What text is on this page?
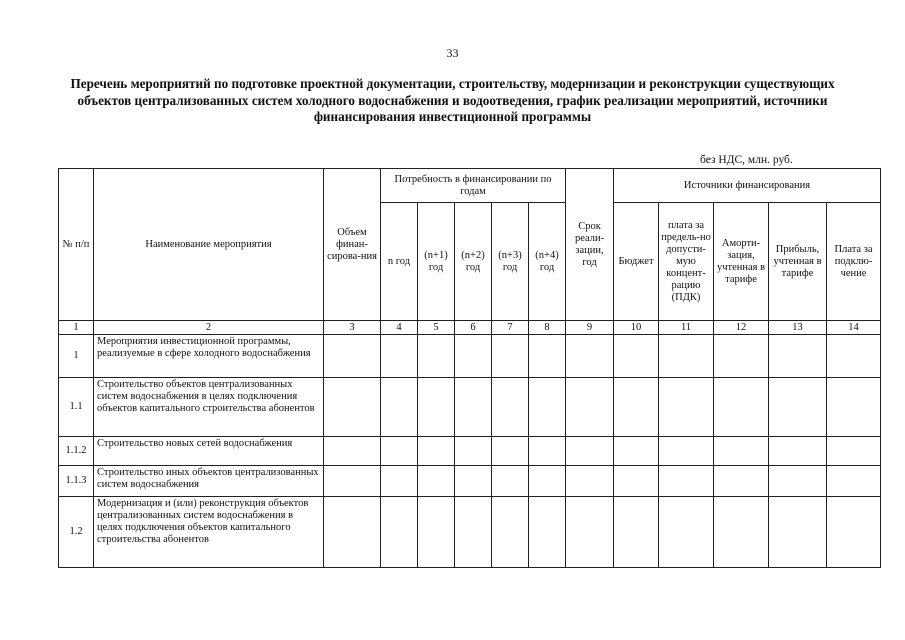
33
Перечень мероприятий по подготовке проектной документации, строительству, модернизации и реконструкции существующих объектов централизованных систем холодного водоснабжения и водоотведения, график реализации мероприятий, источники финансирования инвестиционной программы
без НДС, млн. руб.
№ п/п	Наименование мероприятия	Объем финан-сирова-ния	Потребность в финансировании по годам					Срок реали-зации, год	Источники финансирования				
			n год	(n+1) год	(n+2) год	(n+3) год	(n+4) год		Бюджет	плата за предель-но допусти-мую концент-рацию (ПДК)	Аморти-зация, учтенная в тарифе	Прибыль, учтенная в тарифе	Плата за подклю-чение
1	2	3	4	5	6	7	8	9	10	11	12	13	14
1	Мероприятия инвестиционной программы, реализуемые в сфере холодного водоснабжения												
1.1	Строительство объектов централизованных систем водоснабжения в целях подключения объектов капитального строительства абонентов												
1.1.2	Строительство новых сетей водоснабжения												
1.1.3	Строительство иных объектов централизованных систем водоснабжения												
1.2	Модернизация и (или) реконструкция объектов централизованных систем водоснабжения в целях подключения объектов капитального строительства абонентов												
